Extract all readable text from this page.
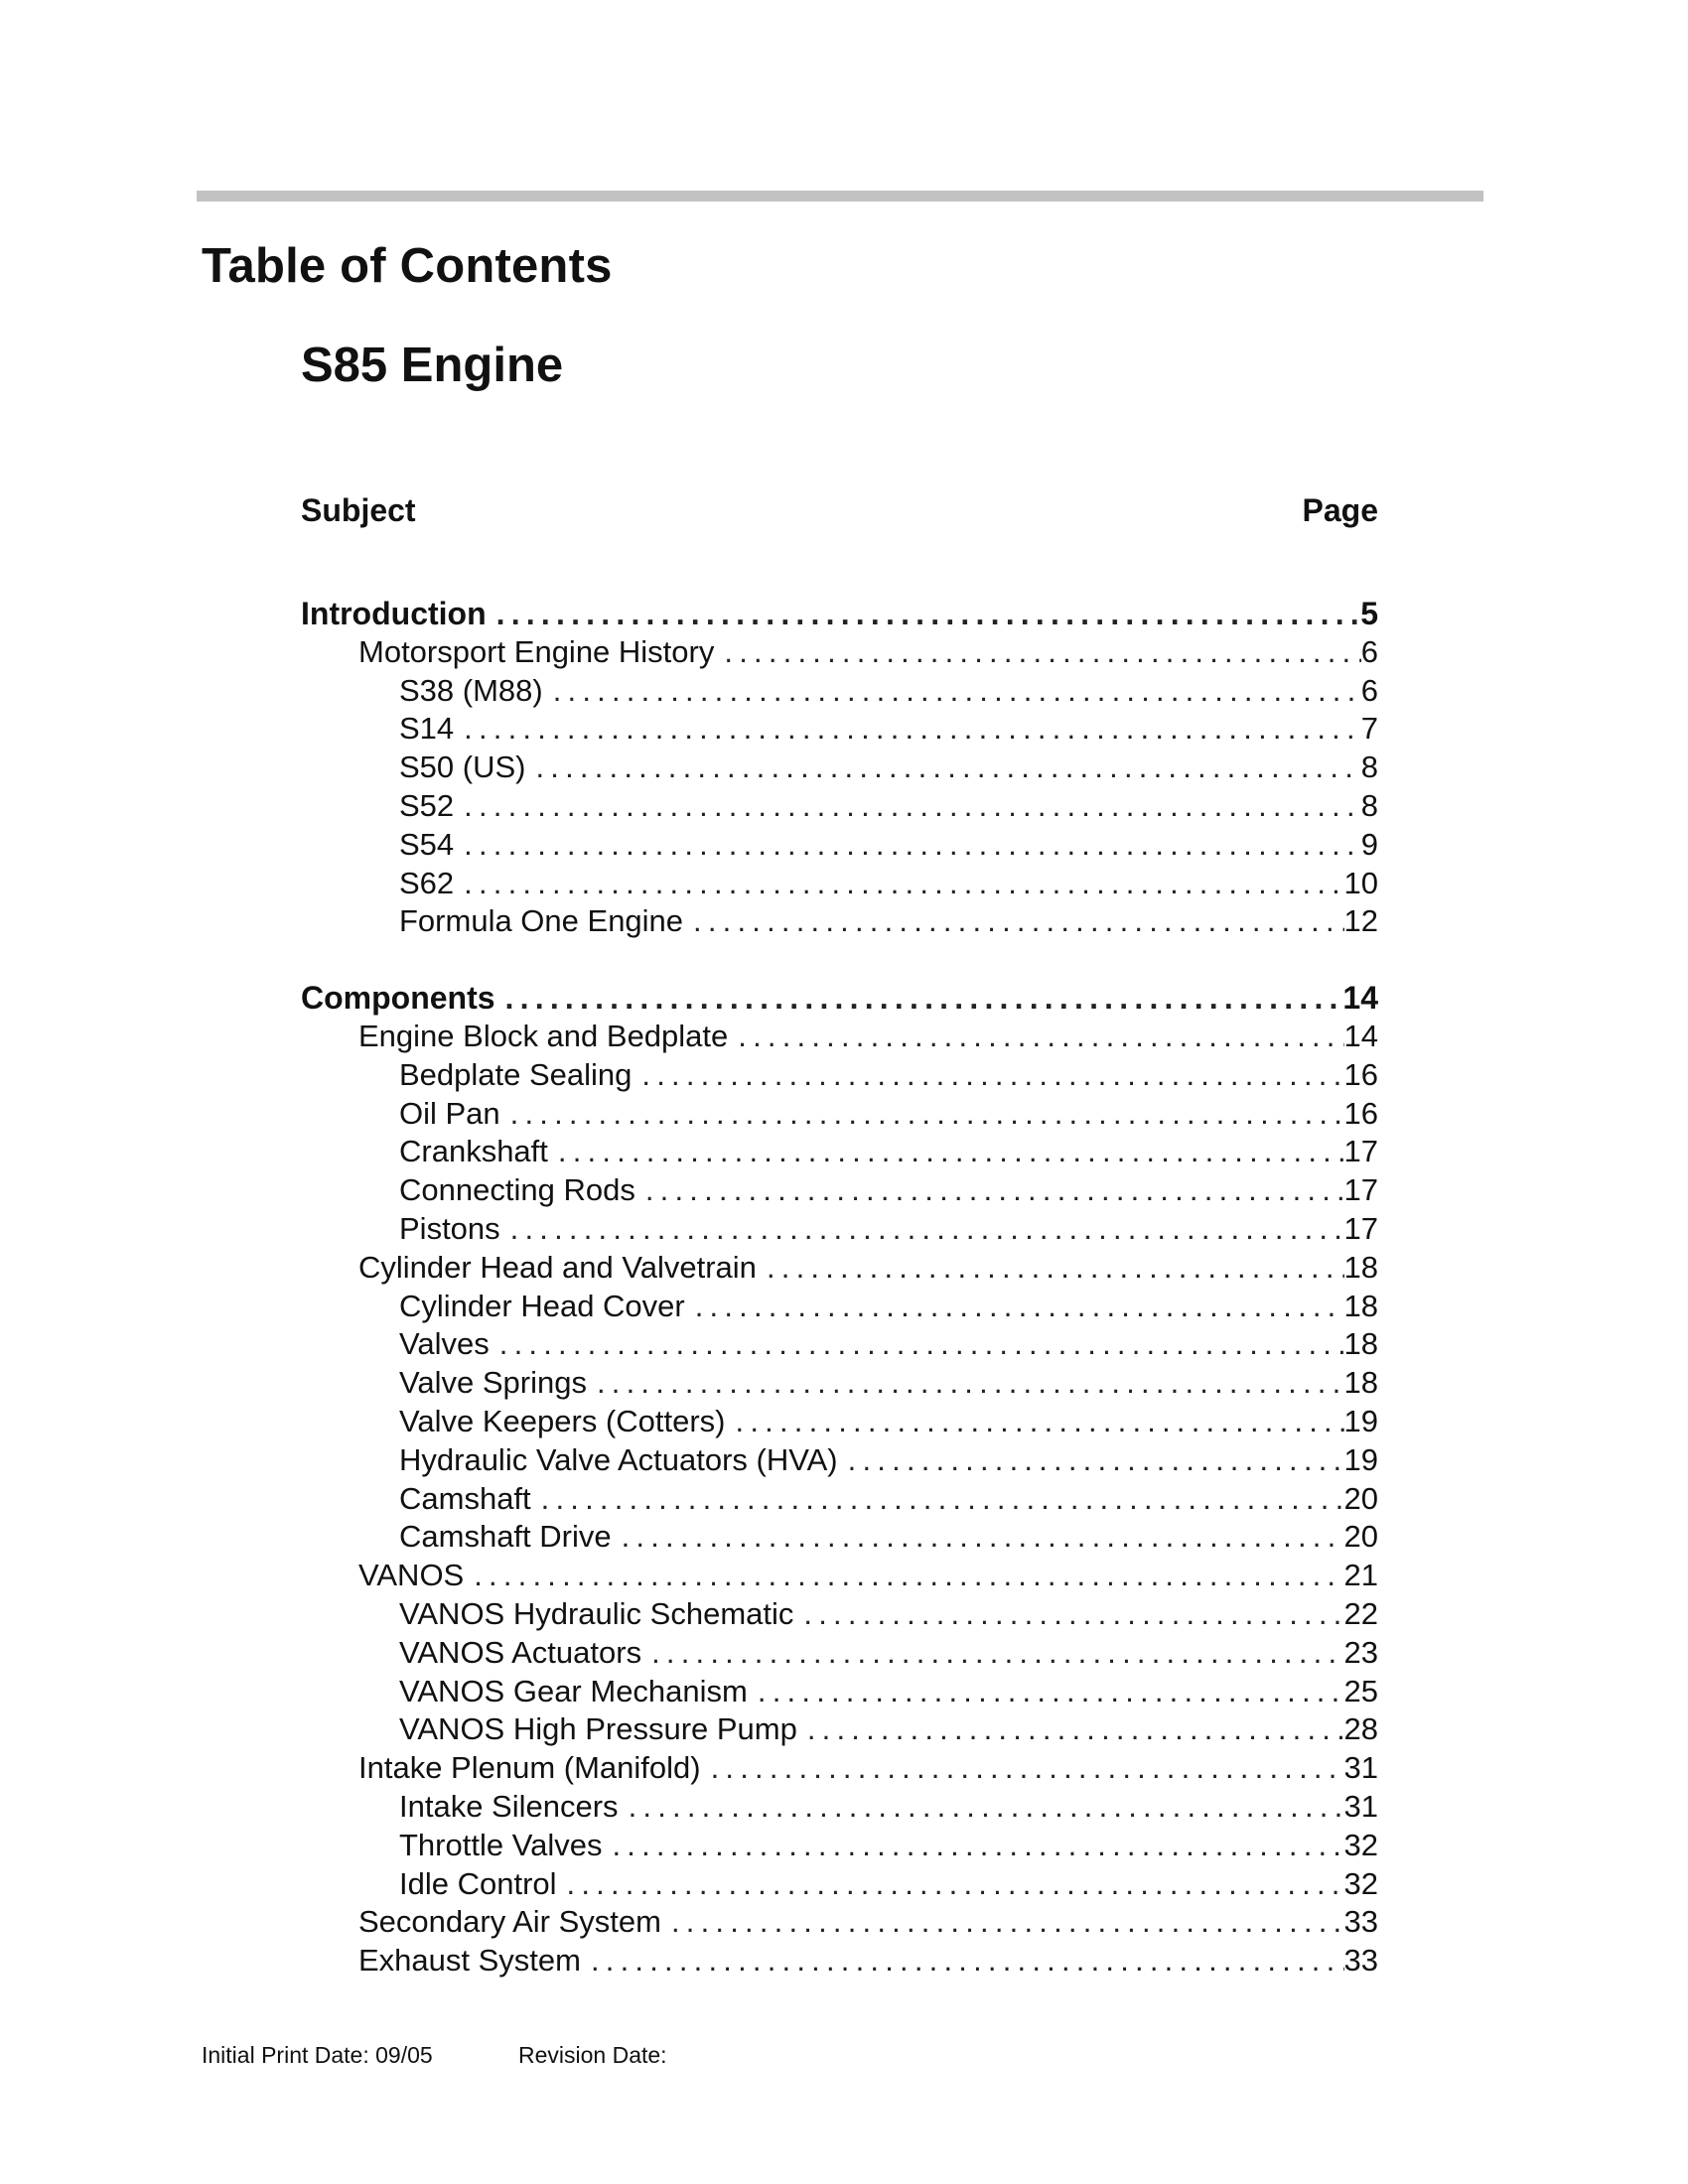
Table of Contents
S85 Engine
Subject	Page
Introduction .....	5
Motorsport Engine History .....	6
S38 (M88) .....	6
S14 .....	7
S50 (US) .....	8
S52 .....	8
S54 .....	9
S62 .....	10
Formula One Engine .....	12
Components .....	14
Engine Block and Bedplate .....	14
Bedplate Sealing .....	16
Oil Pan .....	16
Crankshaft .....	17
Connecting Rods .....	17
Pistons .....	17
Cylinder Head and Valvetrain .....	18
Cylinder Head Cover .....	18
Valves .....	18
Valve Springs .....	18
Valve Keepers (Cotters) .....	19
Hydraulic Valve Actuators (HVA) .....	19
Camshaft .....	20
Camshaft Drive .....	20
VANOS .....	21
VANOS Hydraulic Schematic .....	22
VANOS Actuators .....	23
VANOS Gear Mechanism .....	25
VANOS High Pressure Pump .....	28
Intake Plenum (Manifold) .....	31
Intake Silencers .....	31
Throttle Valves .....	32
Idle Control .....	32
Secondary Air System .....	33
Exhaust System .....	33
Initial Print Date: 09/05	Revision Date:
